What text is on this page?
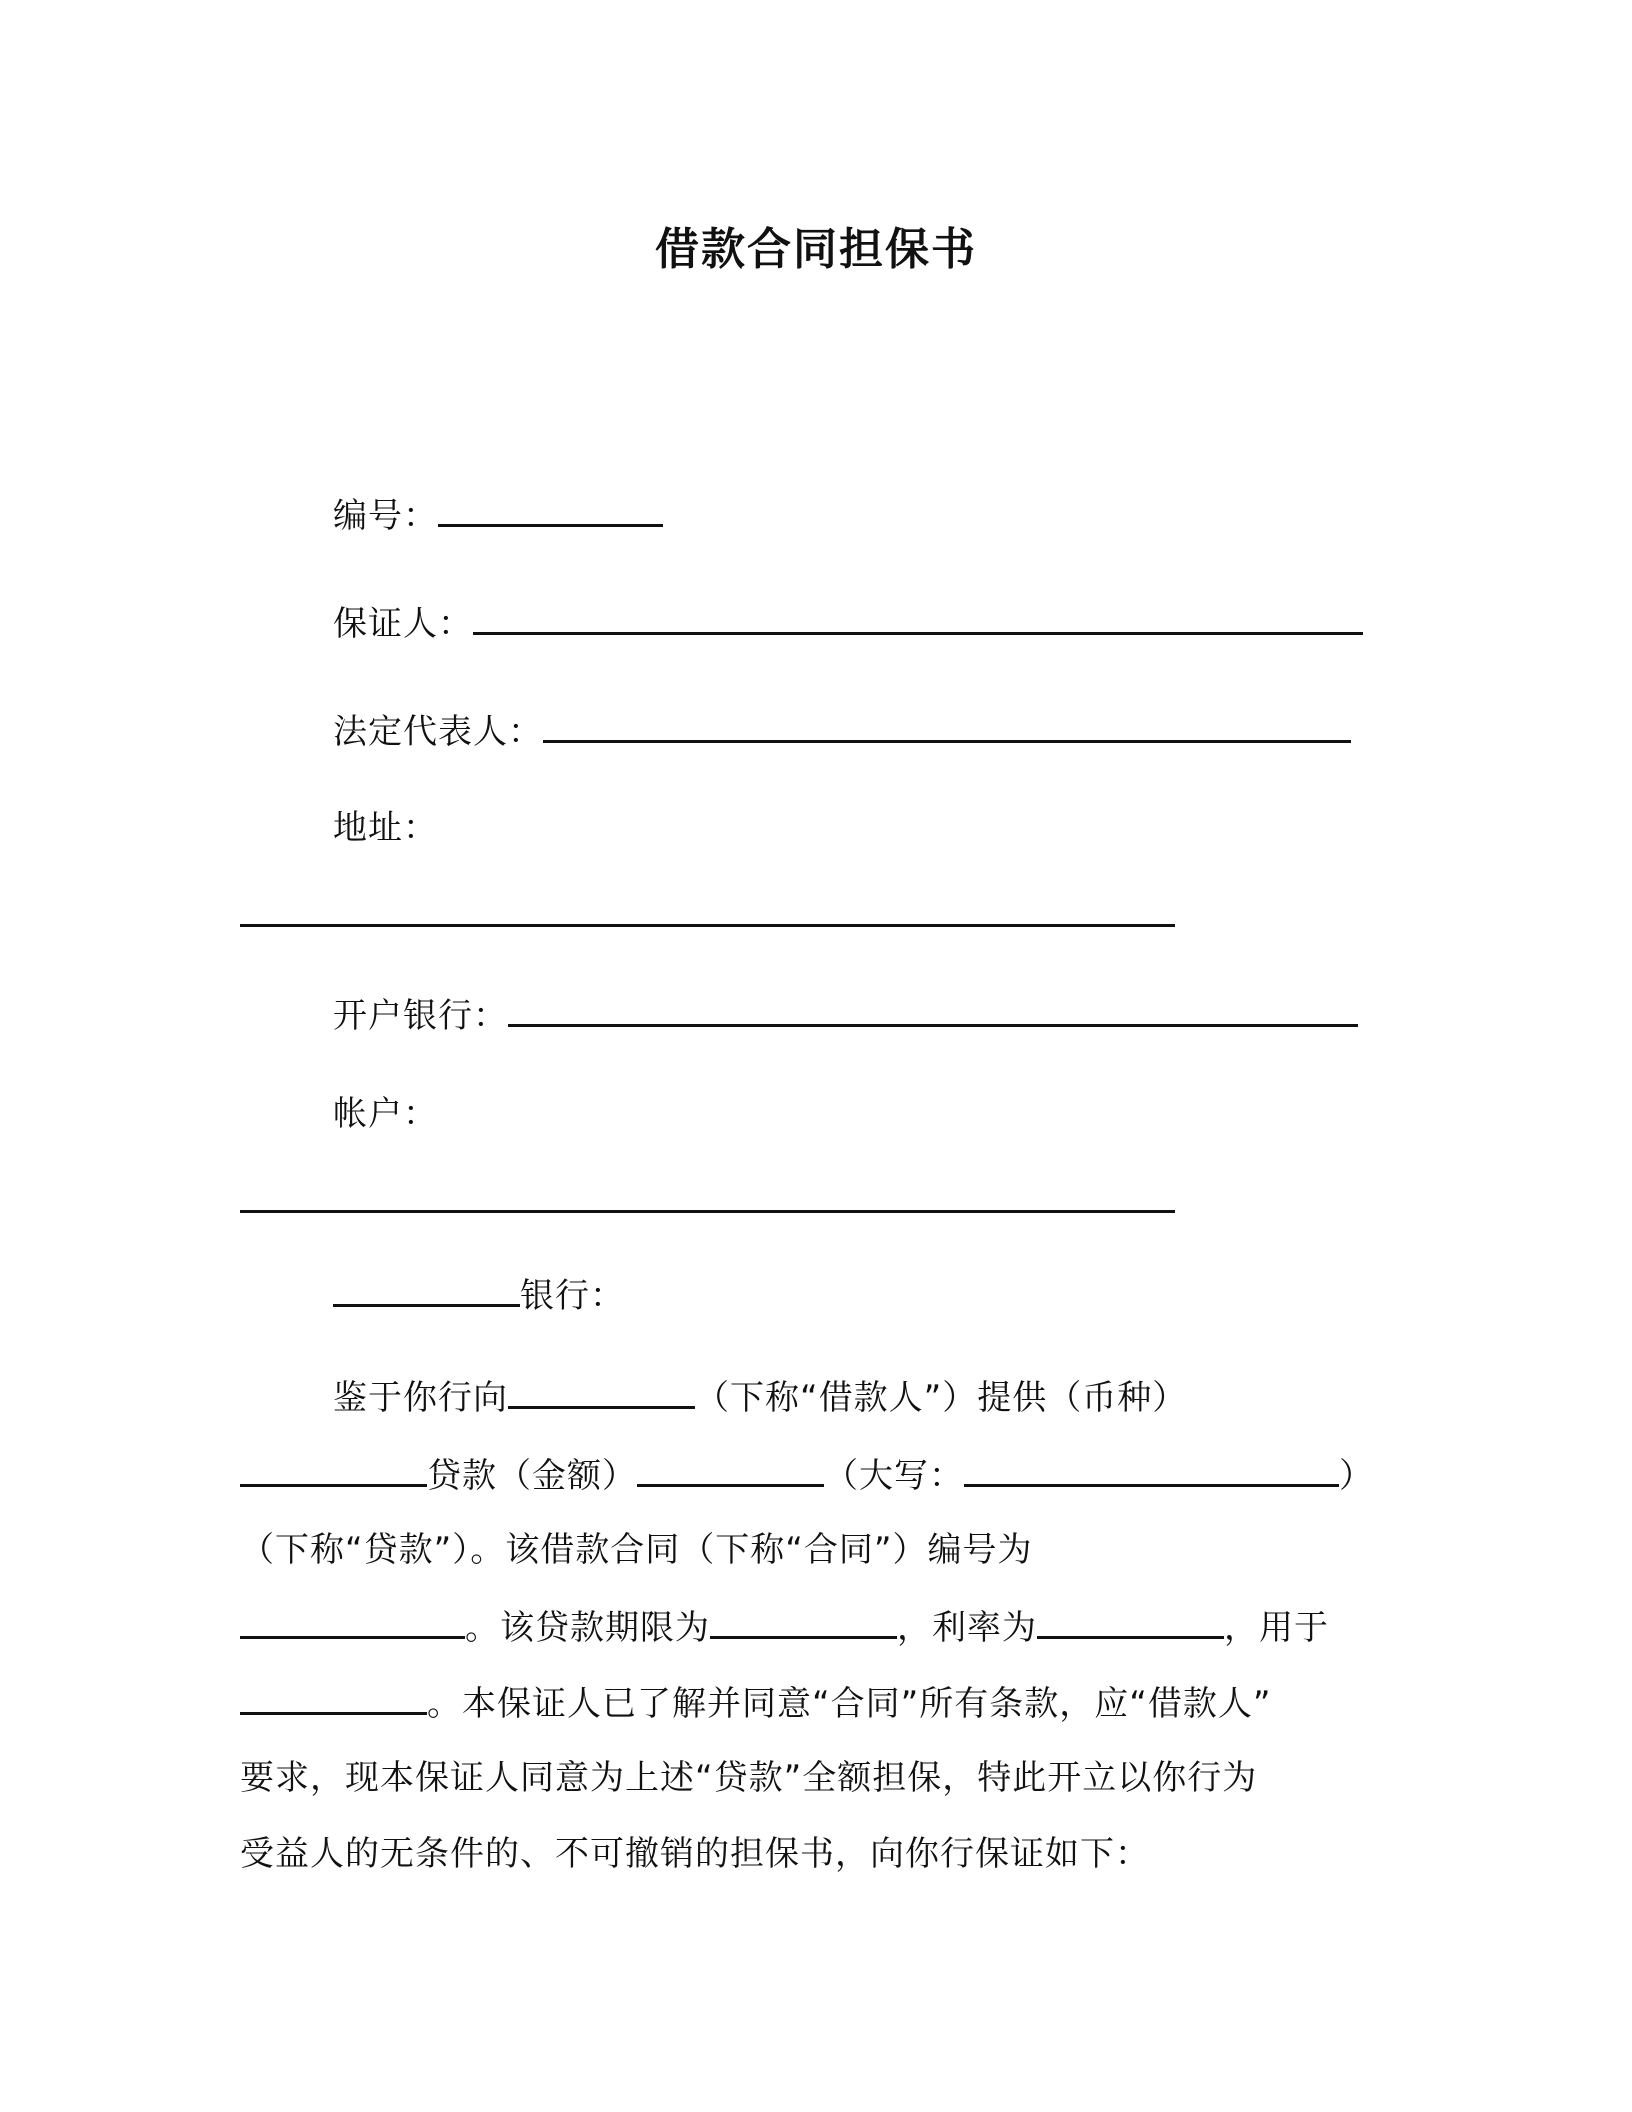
借款合同担保书
编号：
保证人：
法定代表人：
地址：
开户银行：
帐户：
银行：
鉴于你行向	（下称“借款人”）提供（币种）
贷款（金额）	（大写：	）
（下称“贷款”）。该借款合同（下称“合同”）编号为
。该贷款期限为	，利率为	，用于
。本保证人已了解并同意“合同”所有条款，应“借款人”
要求，现本保证人同意为上述“贷款”全额担保，特此开立以你行为
受益人的无条件的、不可撤销的担保书，向你行保证如下：
